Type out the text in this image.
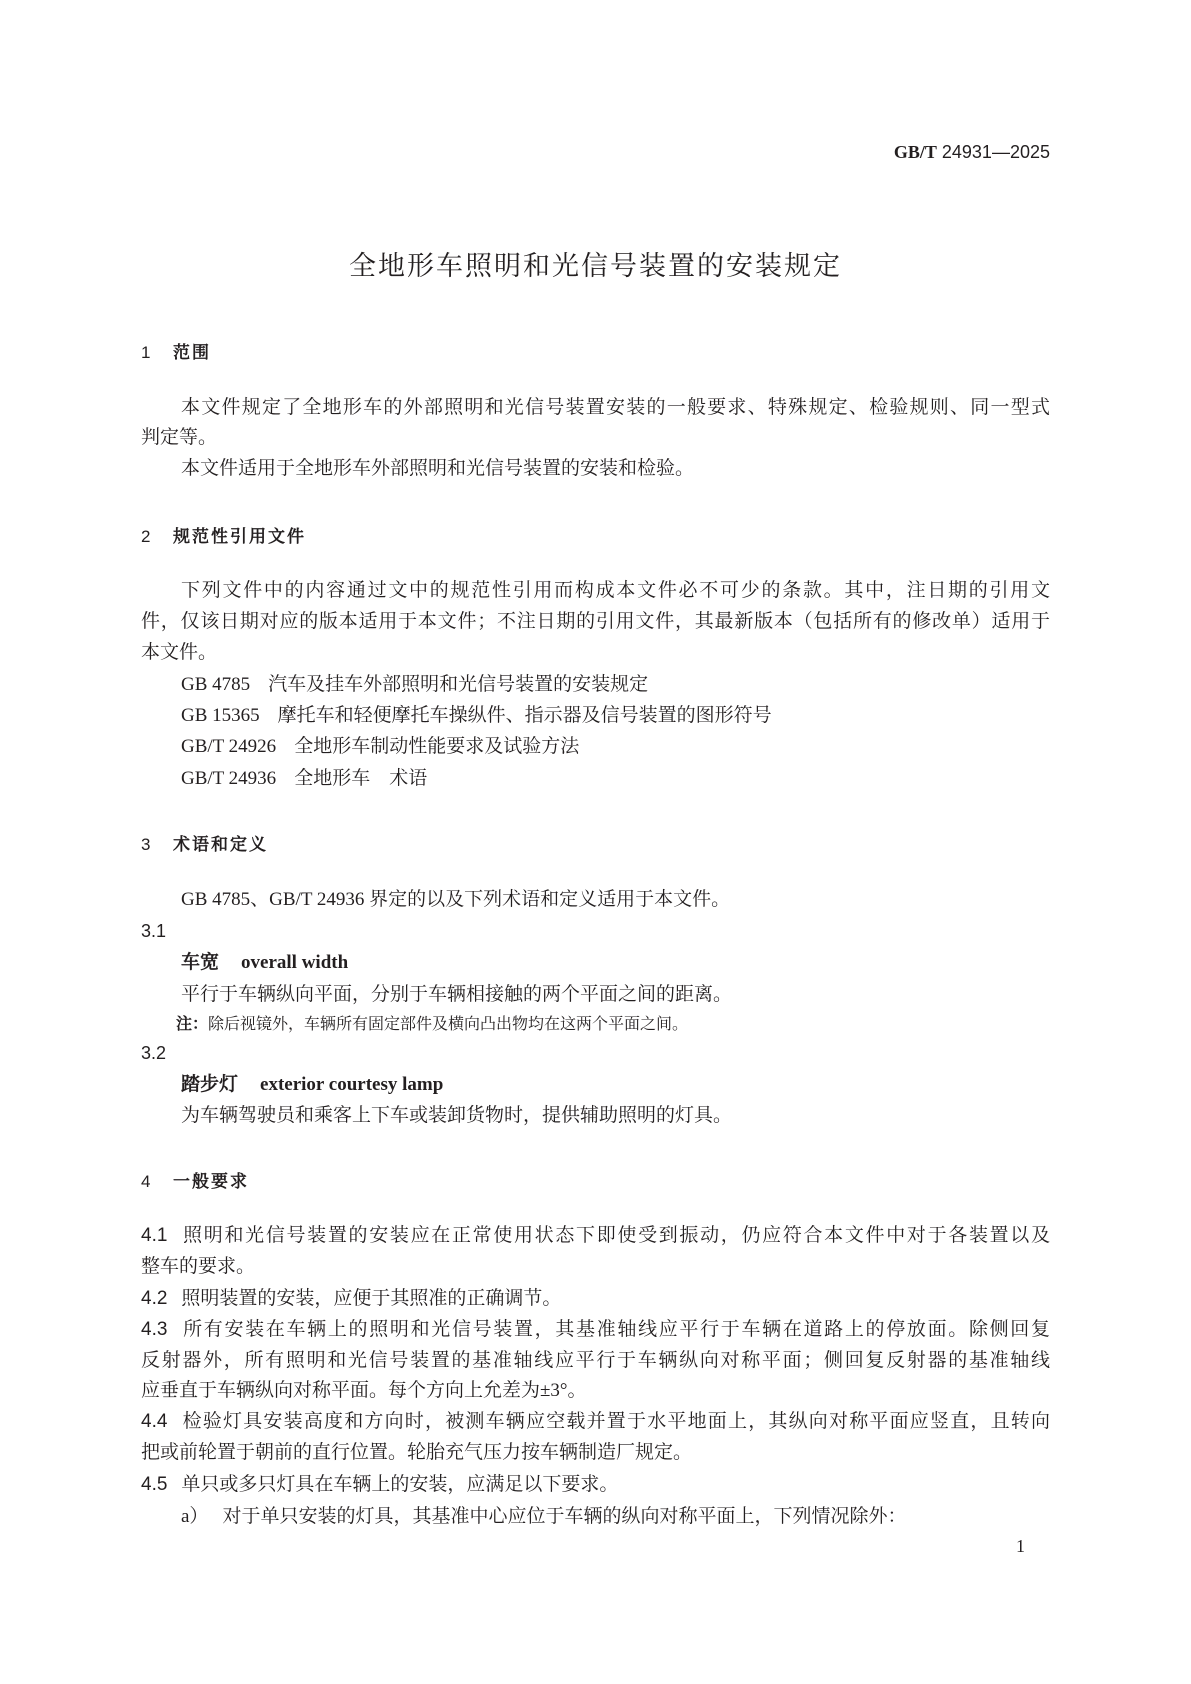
GB/T 24931—2025
全地形车照明和光信号装置的安装规定
1 范围
本文件规定了全地形车的外部照明和光信号装置安装的一般要求、特殊规定、检验规则、同一型式
判定等。
本文件适用于全地形车外部照明和光信号装置的安装和检验。
2 规范性引用文件
下列文件中的内容通过文中的规范性引用而构成本文件必不可少的条款。其中，注日期的引用文
件，仅该日期对应的版本适用于本文件；不注日期的引用文件，其最新版本（包括所有的修改单）适用于
本文件。
GB 4785 汽车及挂车外部照明和光信号装置的安装规定
GB 15365 摩托车和轻便摩托车操纵件、指示器及信号装置的图形符号
GB/T 24926 全地形车制动性能要求及试验方法
GB/T 24936 全地形车　术语
3 术语和定义
GB 4785、GB/T 24936 界定的以及下列术语和定义适用于本文件。
3.1
车宽 overall width
平行于车辆纵向平面，分别于车辆相接触的两个平面之间的距离。
注：除后视镜外，车辆所有固定部件及横向凸出物均在这两个平面之间。
3.2
踏步灯 exterior courtesy lamp
为车辆驾驶员和乘客上下车或装卸货物时，提供辅助照明的灯具。
4 一般要求
4.1 照明和光信号装置的安装应在正常使用状态下即使受到振动，仍应符合本文件中对于各装置以及
整车的要求。
4.2 照明装置的安装，应便于其照准的正确调节。
4.3 所有安装在车辆上的照明和光信号装置，其基准轴线应平行于车辆在道路上的停放面。除侧回复
反射器外，所有照明和光信号装置的基准轴线应平行于车辆纵向对称平面；侧回复反射器的基准轴线
应垂直于车辆纵向对称平面。每个方向上允差为±3°。
4.4 检验灯具安装高度和方向时，被测车辆应空载并置于水平地面上，其纵向对称平面应竖直，且转向
把或前轮置于朝前的直行位置。轮胎充气压力按车辆制造厂规定。
4.5 单只或多只灯具在车辆上的安装，应满足以下要求。
a） 对于单只安装的灯具，其基准中心应位于车辆的纵向对称平面上，下列情况除外：
1
